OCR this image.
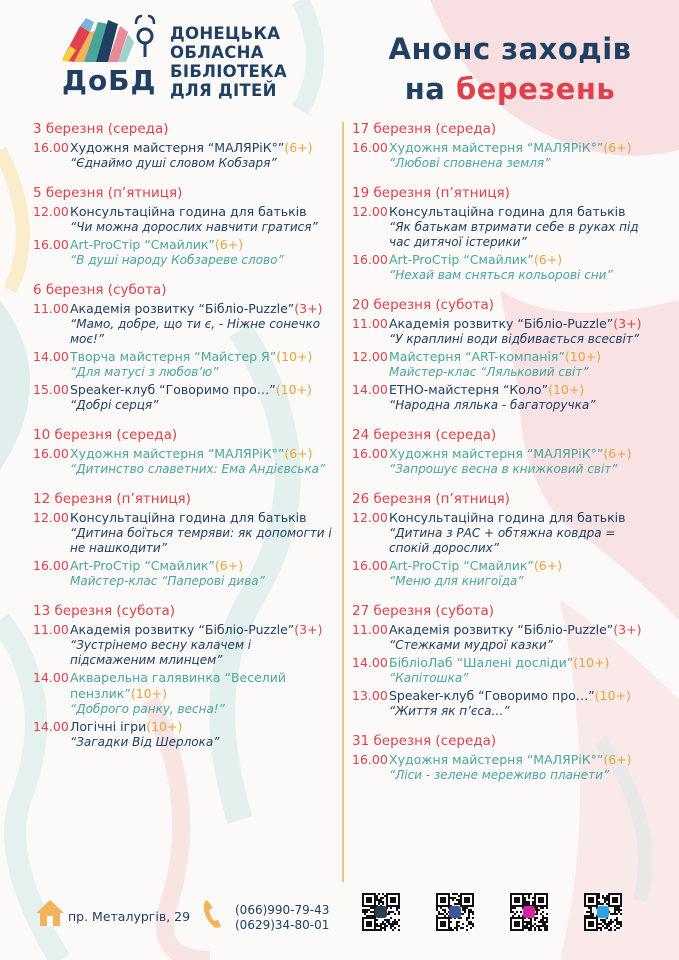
ДоБД
ДОНЕЦЬКА
ОБЛАСНА
БІБЛІОТЕКА
ДЛЯ ДІТЕЙ
Анонс заходів
на березень
3 березня (середа)
16.00 Художня майстерня “МАЛЯРіК°”(6+)
“Єднаймо душі словом Кобзаря”
5 березня (п’ятниця)
12.00 Консультаційна година для батьків
“Чи можна дорослих навчити гратися”
16.00 Art-ProСтір “Смайлик”(6+)
“В душі народу Кобзареве слово”
6 березня (субота)
11.00 Академія розвитку “Бібліо-Puzzle”(3+)
“Мамо, добре, що ти є, - Ніжне сонечко моє!”
14.00 Творча майстерня “Майстер Я”(10+)
“Для матусі з любов’ю”
15.00 Speaker-клуб “Говоримо про…”(10+)
“Добрі серця”
10 березня (середа)
16.00 Художня майстерня “МАЛЯРіК°”(6+)
“Дитинство славетних: Ема Андієвська”
12 березня (п’ятниця)
12.00 Консультаційна година для батьків
“Дитина боїться темряви: як допомогти і не нашкодити”
16.00 Art-ProСтір “Смайлик”(6+)
Майстер-клас “Паперові дива”
13 березня (субота)
11.00 Академія розвитку “Бібліо-Puzzle”(3+)
“Зустрінемо весну калачем і підсмаженим млинцем”
14.00 Акварельна галявинка “Веселий пензлик”(10+)
“Доброго ранку, весна!”
14.00 Логічні ігри(10+)
“Загадки Від Шерлока”
17 березня (середа)
16.00 Художня майстерня “МАЛЯРіК°”(6+)
“Любові сповнена земля”
19 березня (п’ятниця)
12.00 Консультаційна година для батьків
“Як батькам втримати себе в руках під час дитячої істерики”
16.00 Art-ProСтір “Смайлик”(6+)
“Нехай вам сняться кольорові сни”
20 березня (субота)
11.00 Академія розвитку “Бібліо-Puzzle”(3+)
“У краплині води відбивається всесвіт”
12.00 Майстерня “ART-компанія”(10+)
Майстер-клас “Ляльковий світ”
14.00 ЕТНО-майстерня “Коло”(10+)
“Народна лялька - багаторучка”
24 березня (середа)
16.00 Художня майстерня “МАЛЯРіК°”(6+)
“Запрошує весна в книжковий світ”
26 березня (п’ятниця)
12.00 Консультаційна година для батьків
“Дитина з РАС + обтяжна ковдра = спокій дорослих”
16.00 Art-ProСтір “Смайлик”(6+)
“Меню для книгоїда”
27 березня (субота)
11.00 Академія розвитку “Бібліо-Puzzle”(3+)
“Стежками мудрої казки”
14.00 БібліоЛаб “Шалені досліди”(10+)
“Капітошка”
13.00 Speaker-клуб “Говоримо про…”(10+)
“Життя як п’єса…”
31 березня (середа)
16.00 Художня майстерня “МАЛЯРіК°”(6+)
“Ліси - зелене мереживо планети”
пр. Металургів, 29	(066)990-79-43
(0629)34-80-01
